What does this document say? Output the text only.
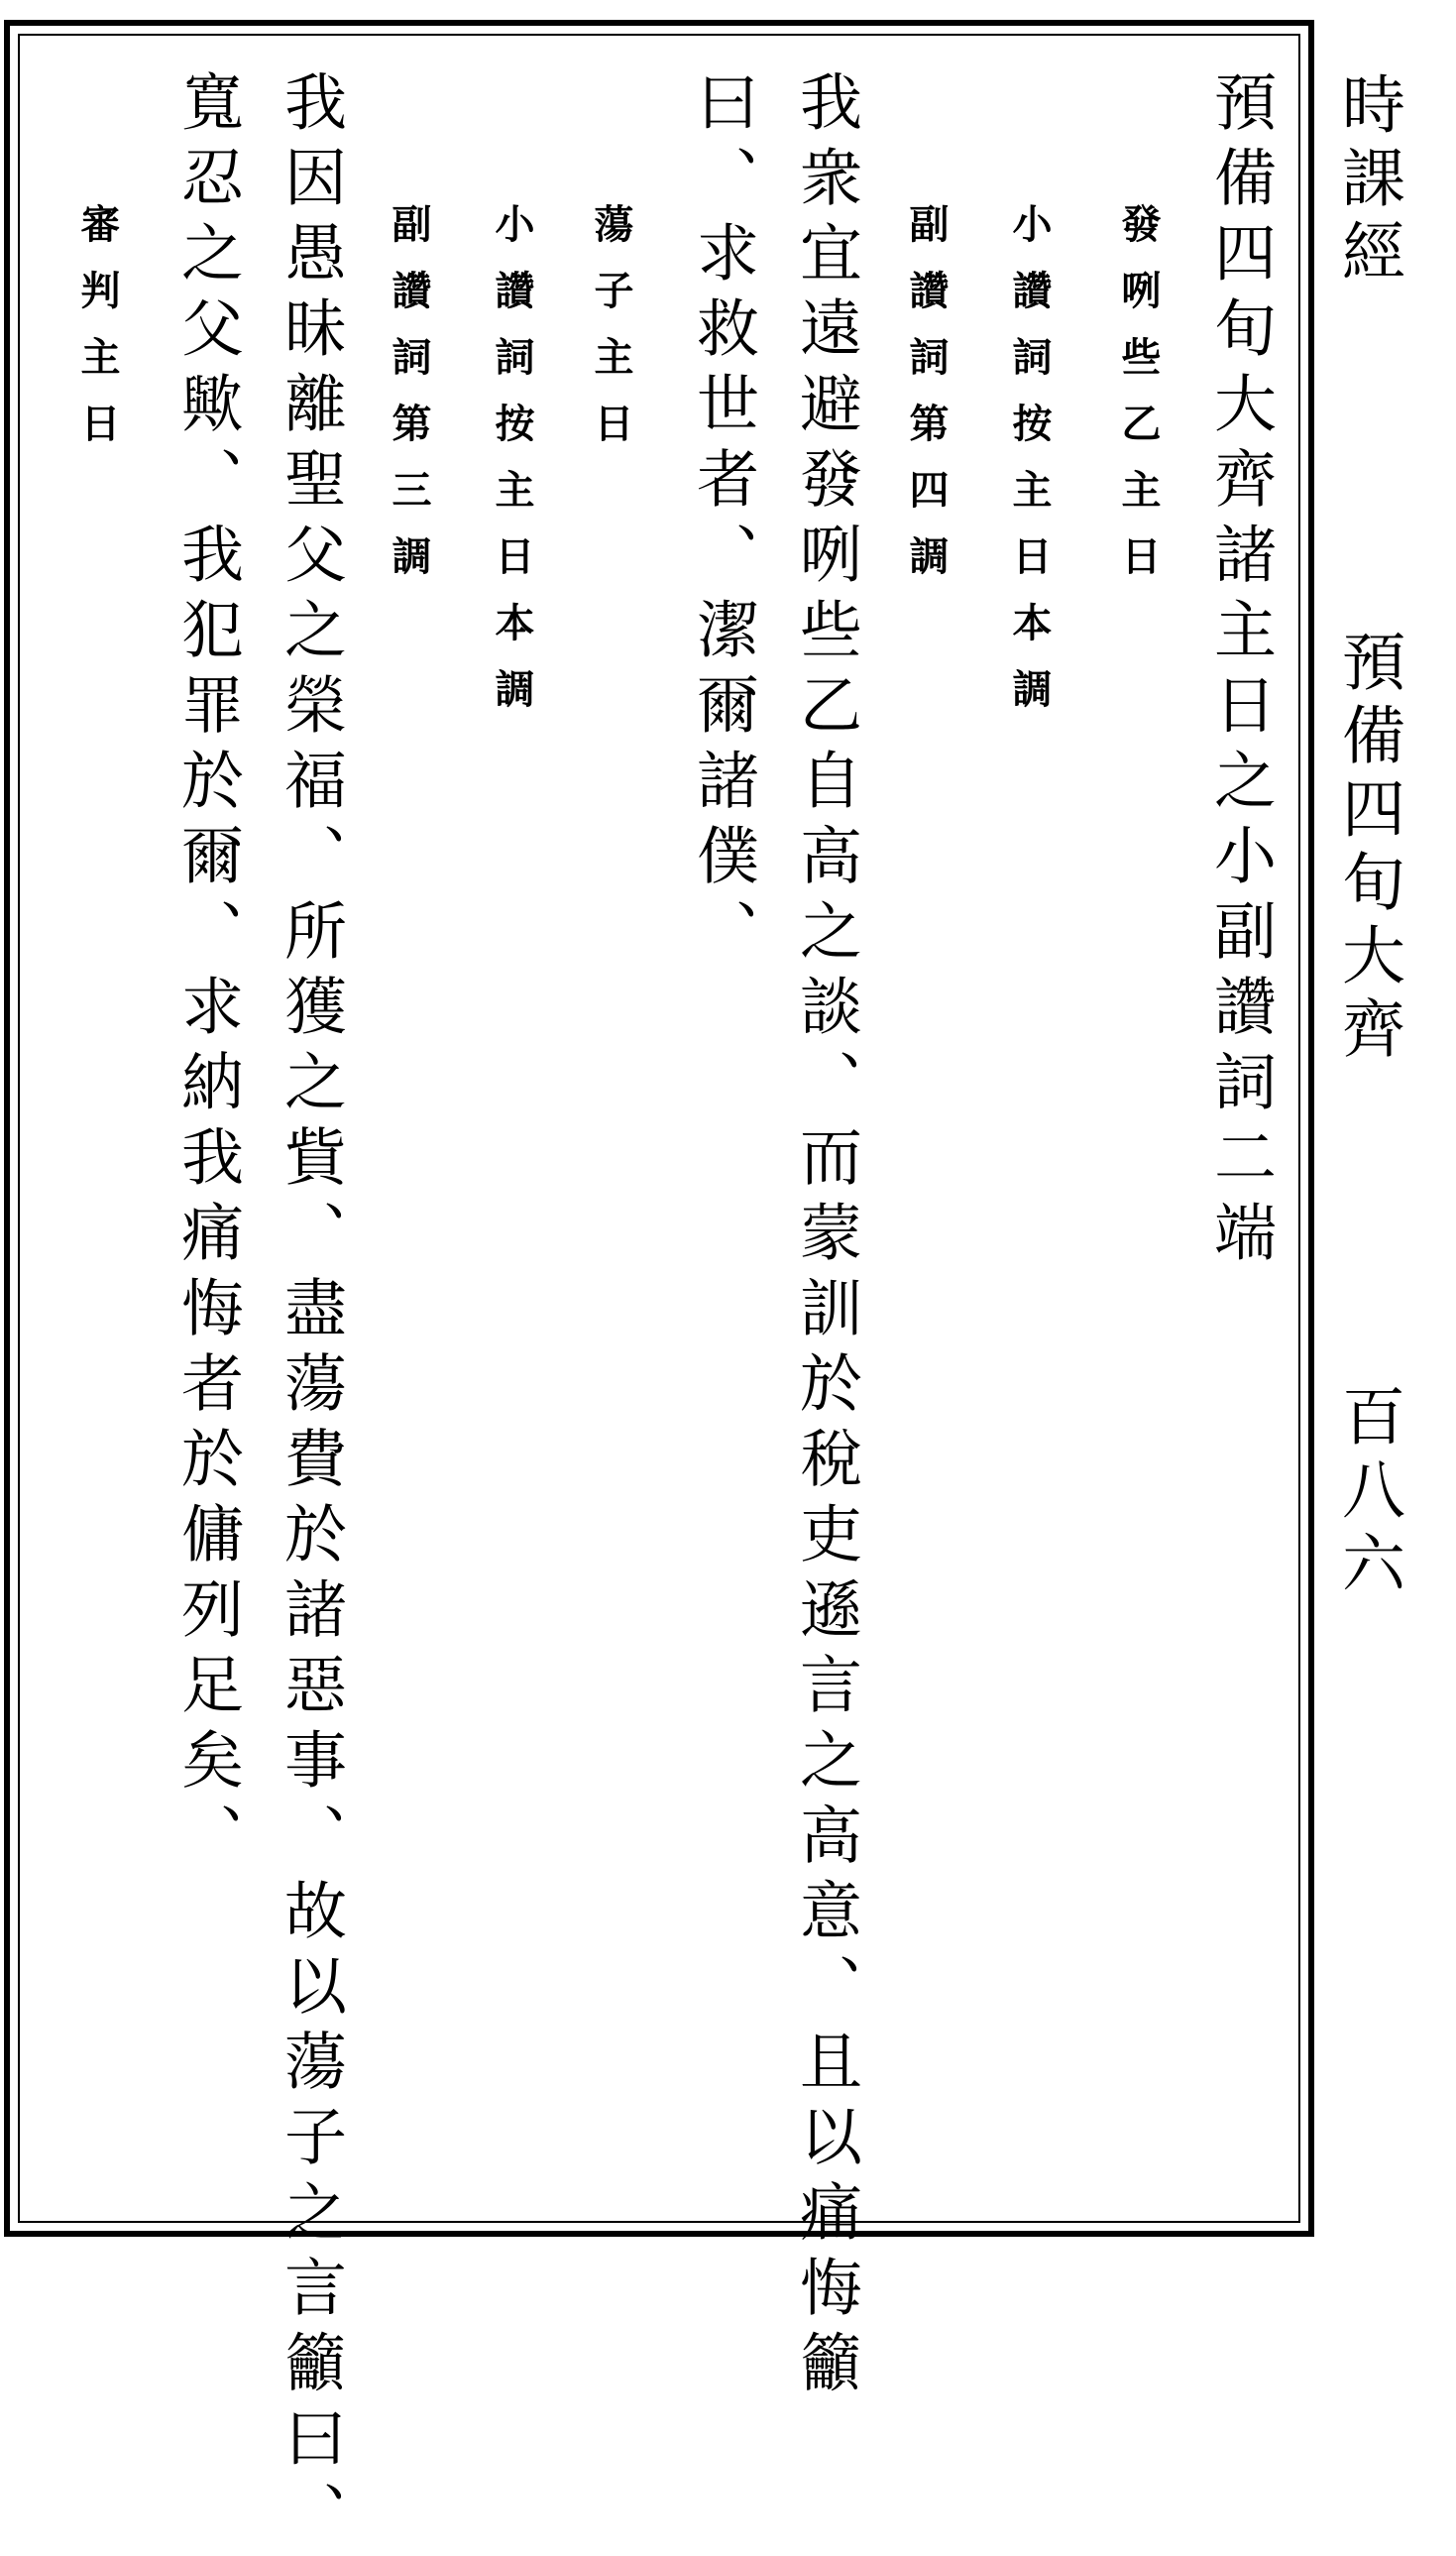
時課經
預備四旬大齊
百八六
預備四旬大齊諸主日之小副讚詞二端
發咧些乙主日
小讚詞按主日本調
副讚詞第四調
我衆宜遠避發咧些乙自高之談、而蒙訓於稅吏遜言之高意、且以痛悔籲
曰、求救世者、潔爾諸僕、
蕩子主日
小讚詞按主日本調
副讚詞第三調
我因愚昧離聖父之榮福、所獲之貲、盡蕩費於諸惡事、故以蕩子之言籲曰、
寬忍之父歟、我犯罪於爾、求納我痛悔者於傭列足矣、
審判主日
